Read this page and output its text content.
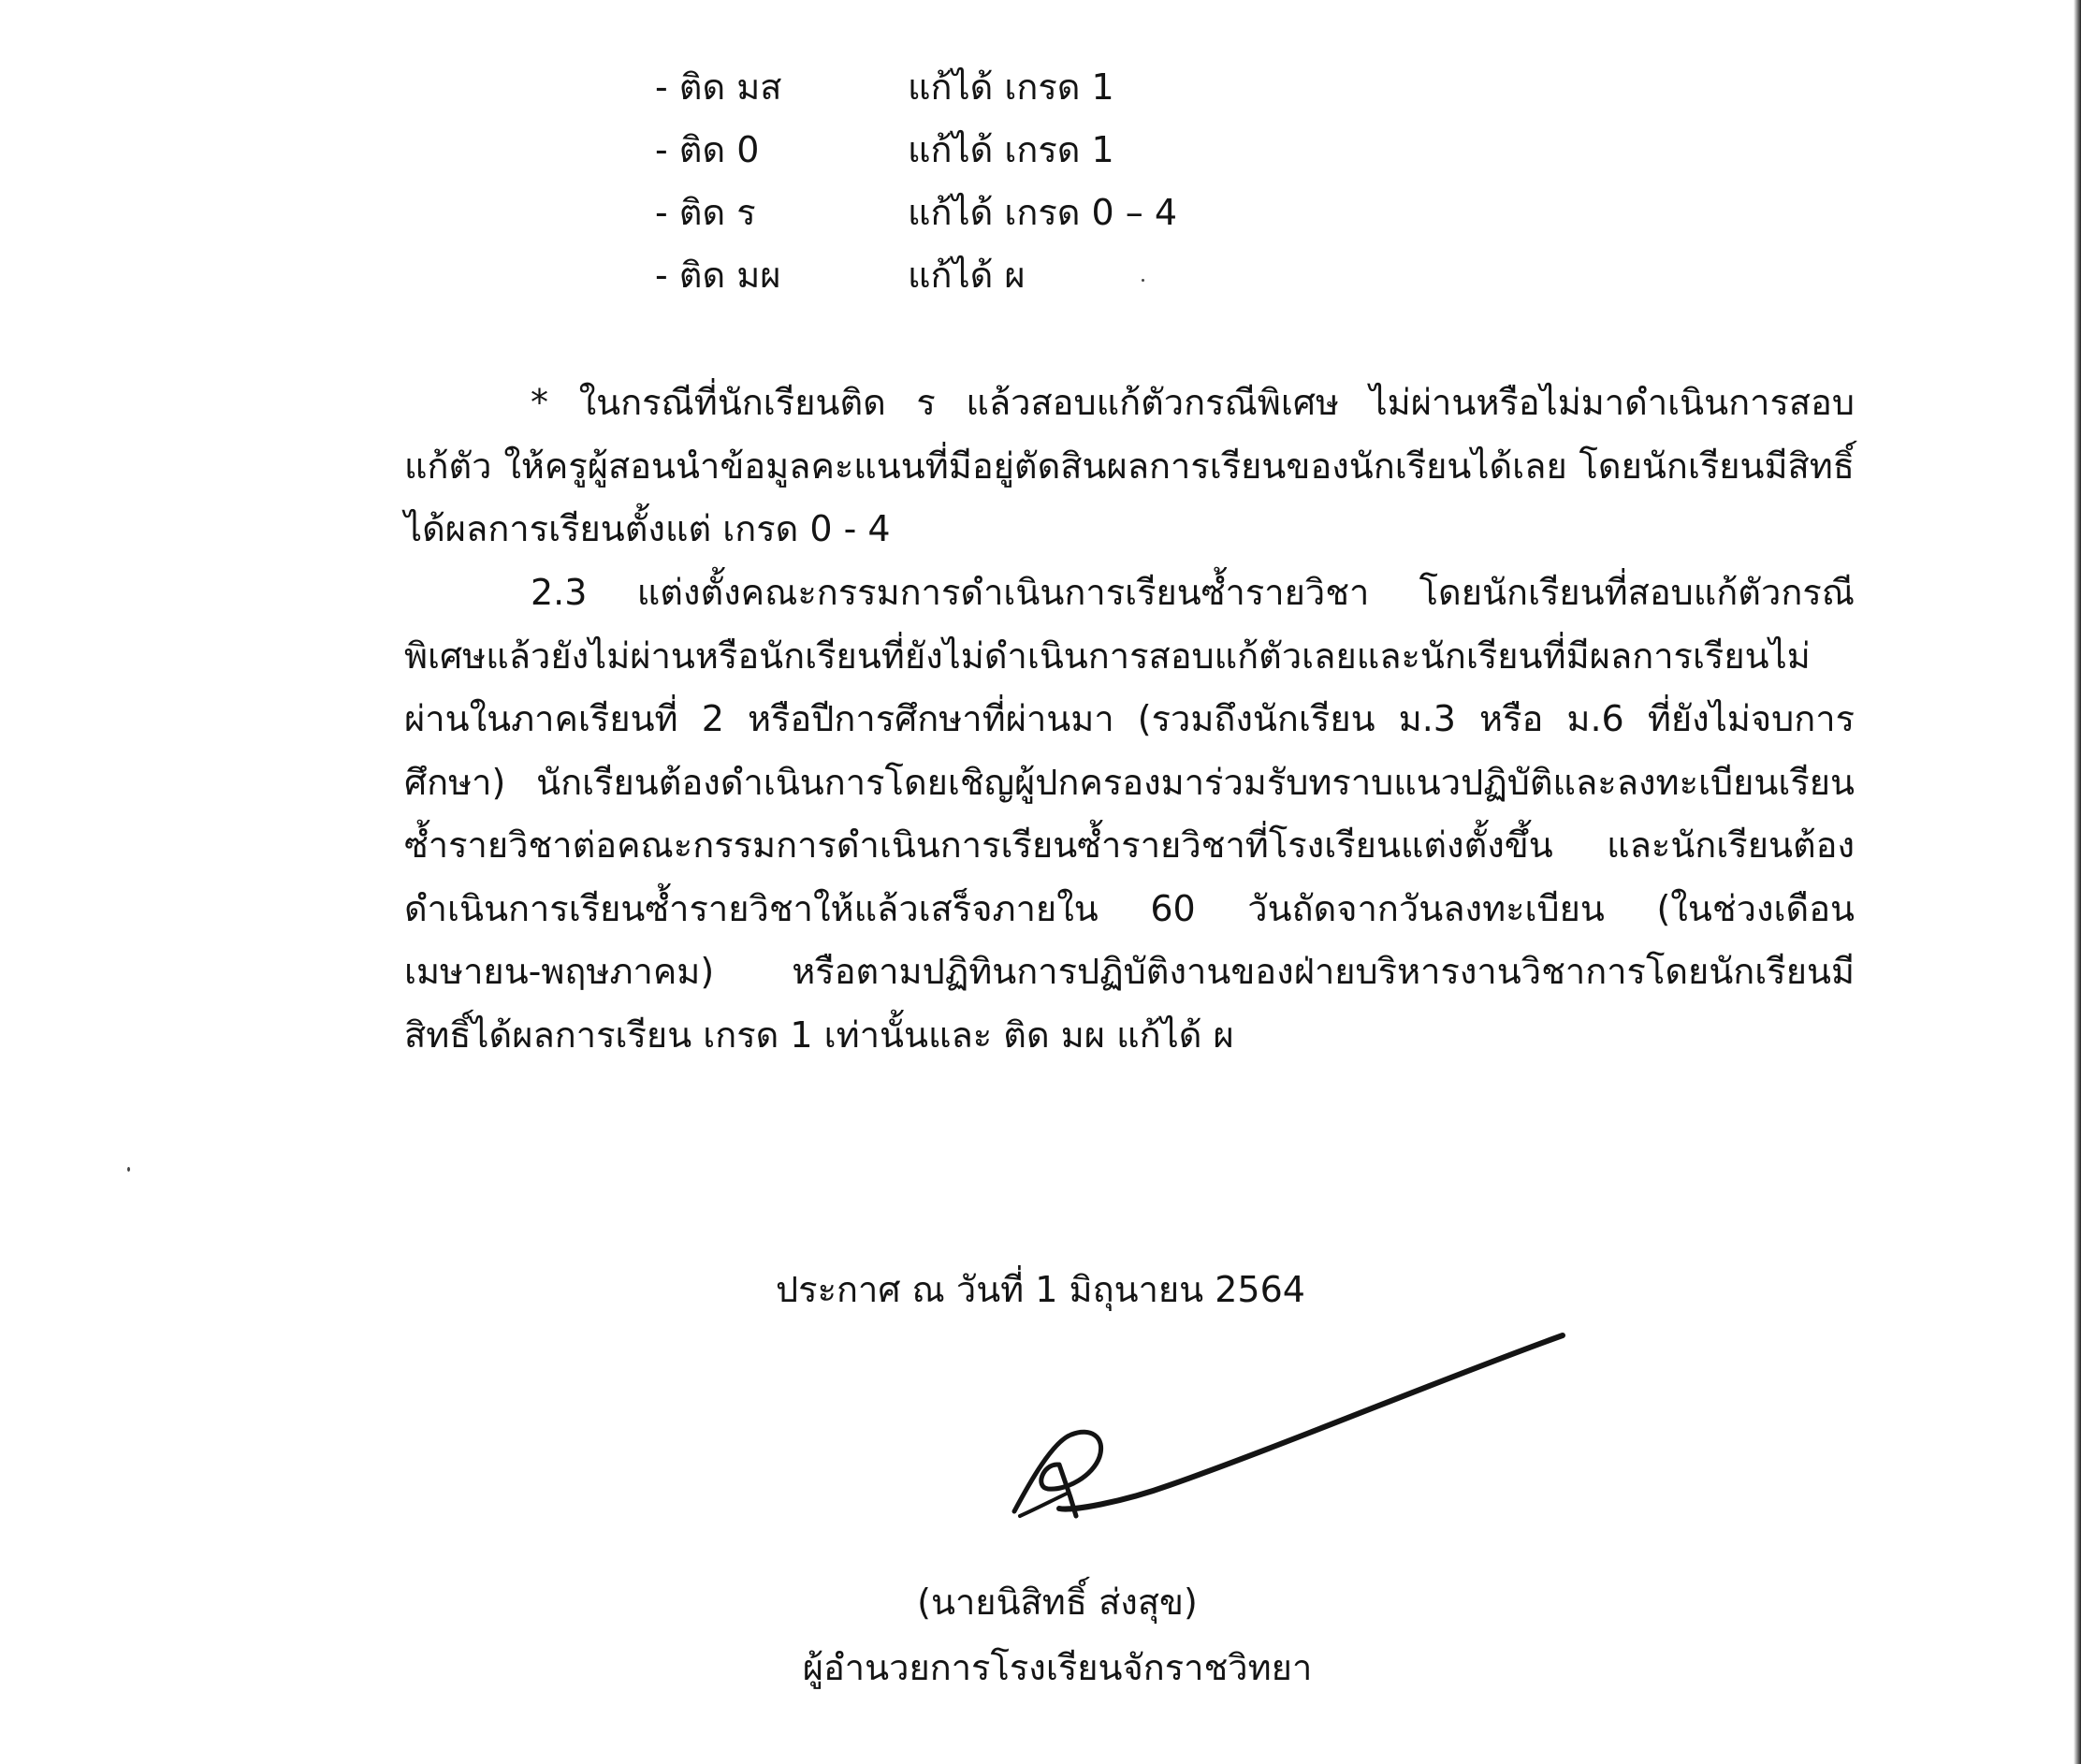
- ติด มส	แก้ได้ เกรด 1
- ติด 0	แก้ได้ เกรด 1
- ติด ร	แก้ได้ เกรด 0 – 4
- ติด มผ	แก้ได้ ผ

* ในกรณีที่นักเรียนติด ร แล้วสอบแก้ตัวกรณีพิเศษ ไม่ผ่านหรือไม่มาดำเนินการสอบแก้ตัว ให้ครูผู้สอนนำข้อมูลคะแนนที่มีอยู่ตัดสินผลการเรียนของนักเรียนได้เลย โดยนักเรียนมีสิทธิ์ได้ผลการเรียนตั้งแต่ เกรด 0 - 4

2.3 แต่งตั้งคณะกรรมการดำเนินการเรียนซ้ำรายวิชา โดยนักเรียนที่สอบแก้ตัวกรณีพิเศษแล้วยังไม่ผ่านหรือนักเรียนที่ยังไม่ดำเนินการสอบแก้ตัวเลยและนักเรียนที่มีผลการเรียนไม่ผ่านในภาคเรียนที่ 2 หรือปีการศึกษาที่ผ่านมา (รวมถึงนักเรียน ม.3 หรือ ม.6 ที่ยังไม่จบการศึกษา) นักเรียนต้องดำเนินการโดยเชิญผู้ปกครองมาร่วมรับทราบแนวปฏิบัติและลงทะเบียนเรียนซ้ำรายวิชาต่อคณะกรรมการดำเนินการเรียนซ้ำรายวิชาที่โรงเรียนแต่งตั้งขึ้น และนักเรียนต้องดำเนินการเรียนซ้ำรายวิชาให้แล้วเสร็จภายใน 60 วันถัดจากวันลงทะเบียน (ในช่วงเดือนเมษายน-พฤษภาคม) หรือตามปฏิทินการปฏิบัติงานของฝ่ายบริหารงานวิชาการโดยนักเรียนมีสิทธิ์ได้ผลการเรียน เกรด 1 เท่านั้นและ ติด มผ แก้ได้ ผ

ประกาศ ณ วันที่ 1 มิถุนายน 2564
(นายนิสิทธิ์ ส่งสุข)
ผู้อำนวยการโรงเรียนจักราชวิทยา
